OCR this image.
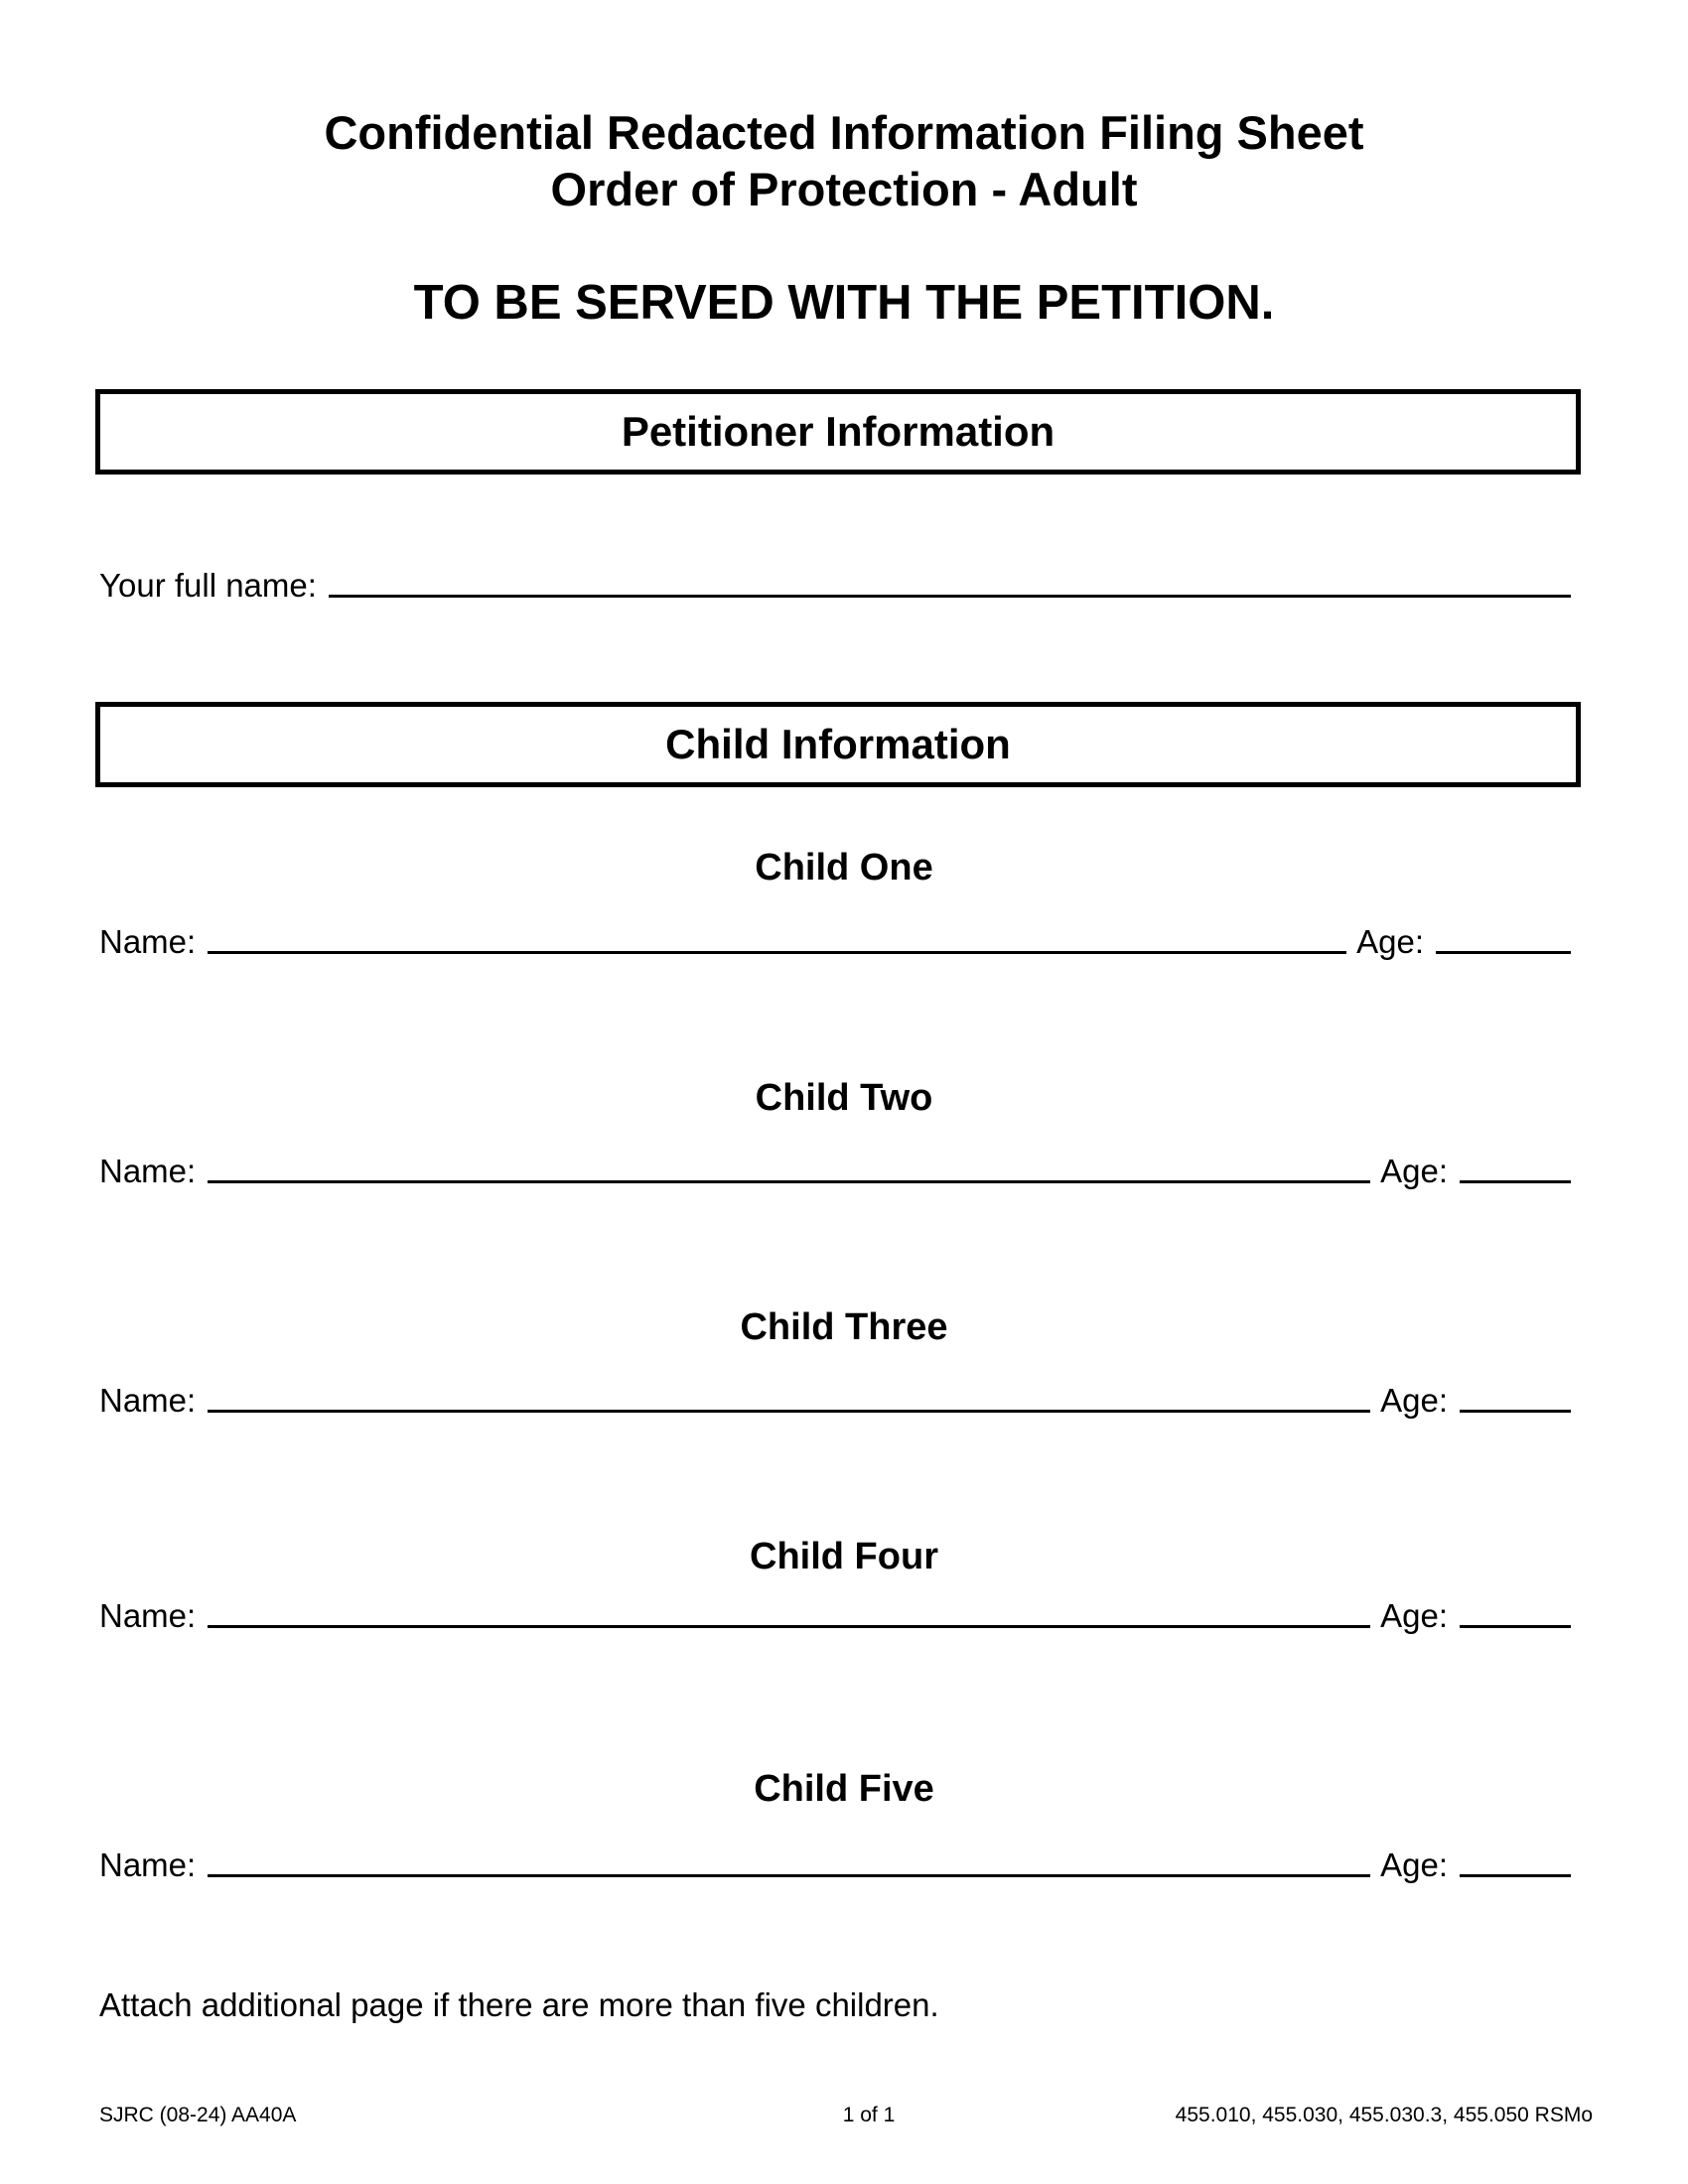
Confidential Redacted Information Filing Sheet
Order of Protection - Adult
TO BE SERVED WITH THE PETITION.
Petitioner Information
Your full name:
Child Information
Child One
Name:	Age:
Child Two
Name:	Age:
Child Three
Name:	Age:
Child Four
Name:	Age:
Child Five
Name:	Age:
Attach additional page if there are more than five children.
SJRC (08-24) AA40A	1 of 1	455.010, 455.030, 455.030.3, 455.050 RSMo
